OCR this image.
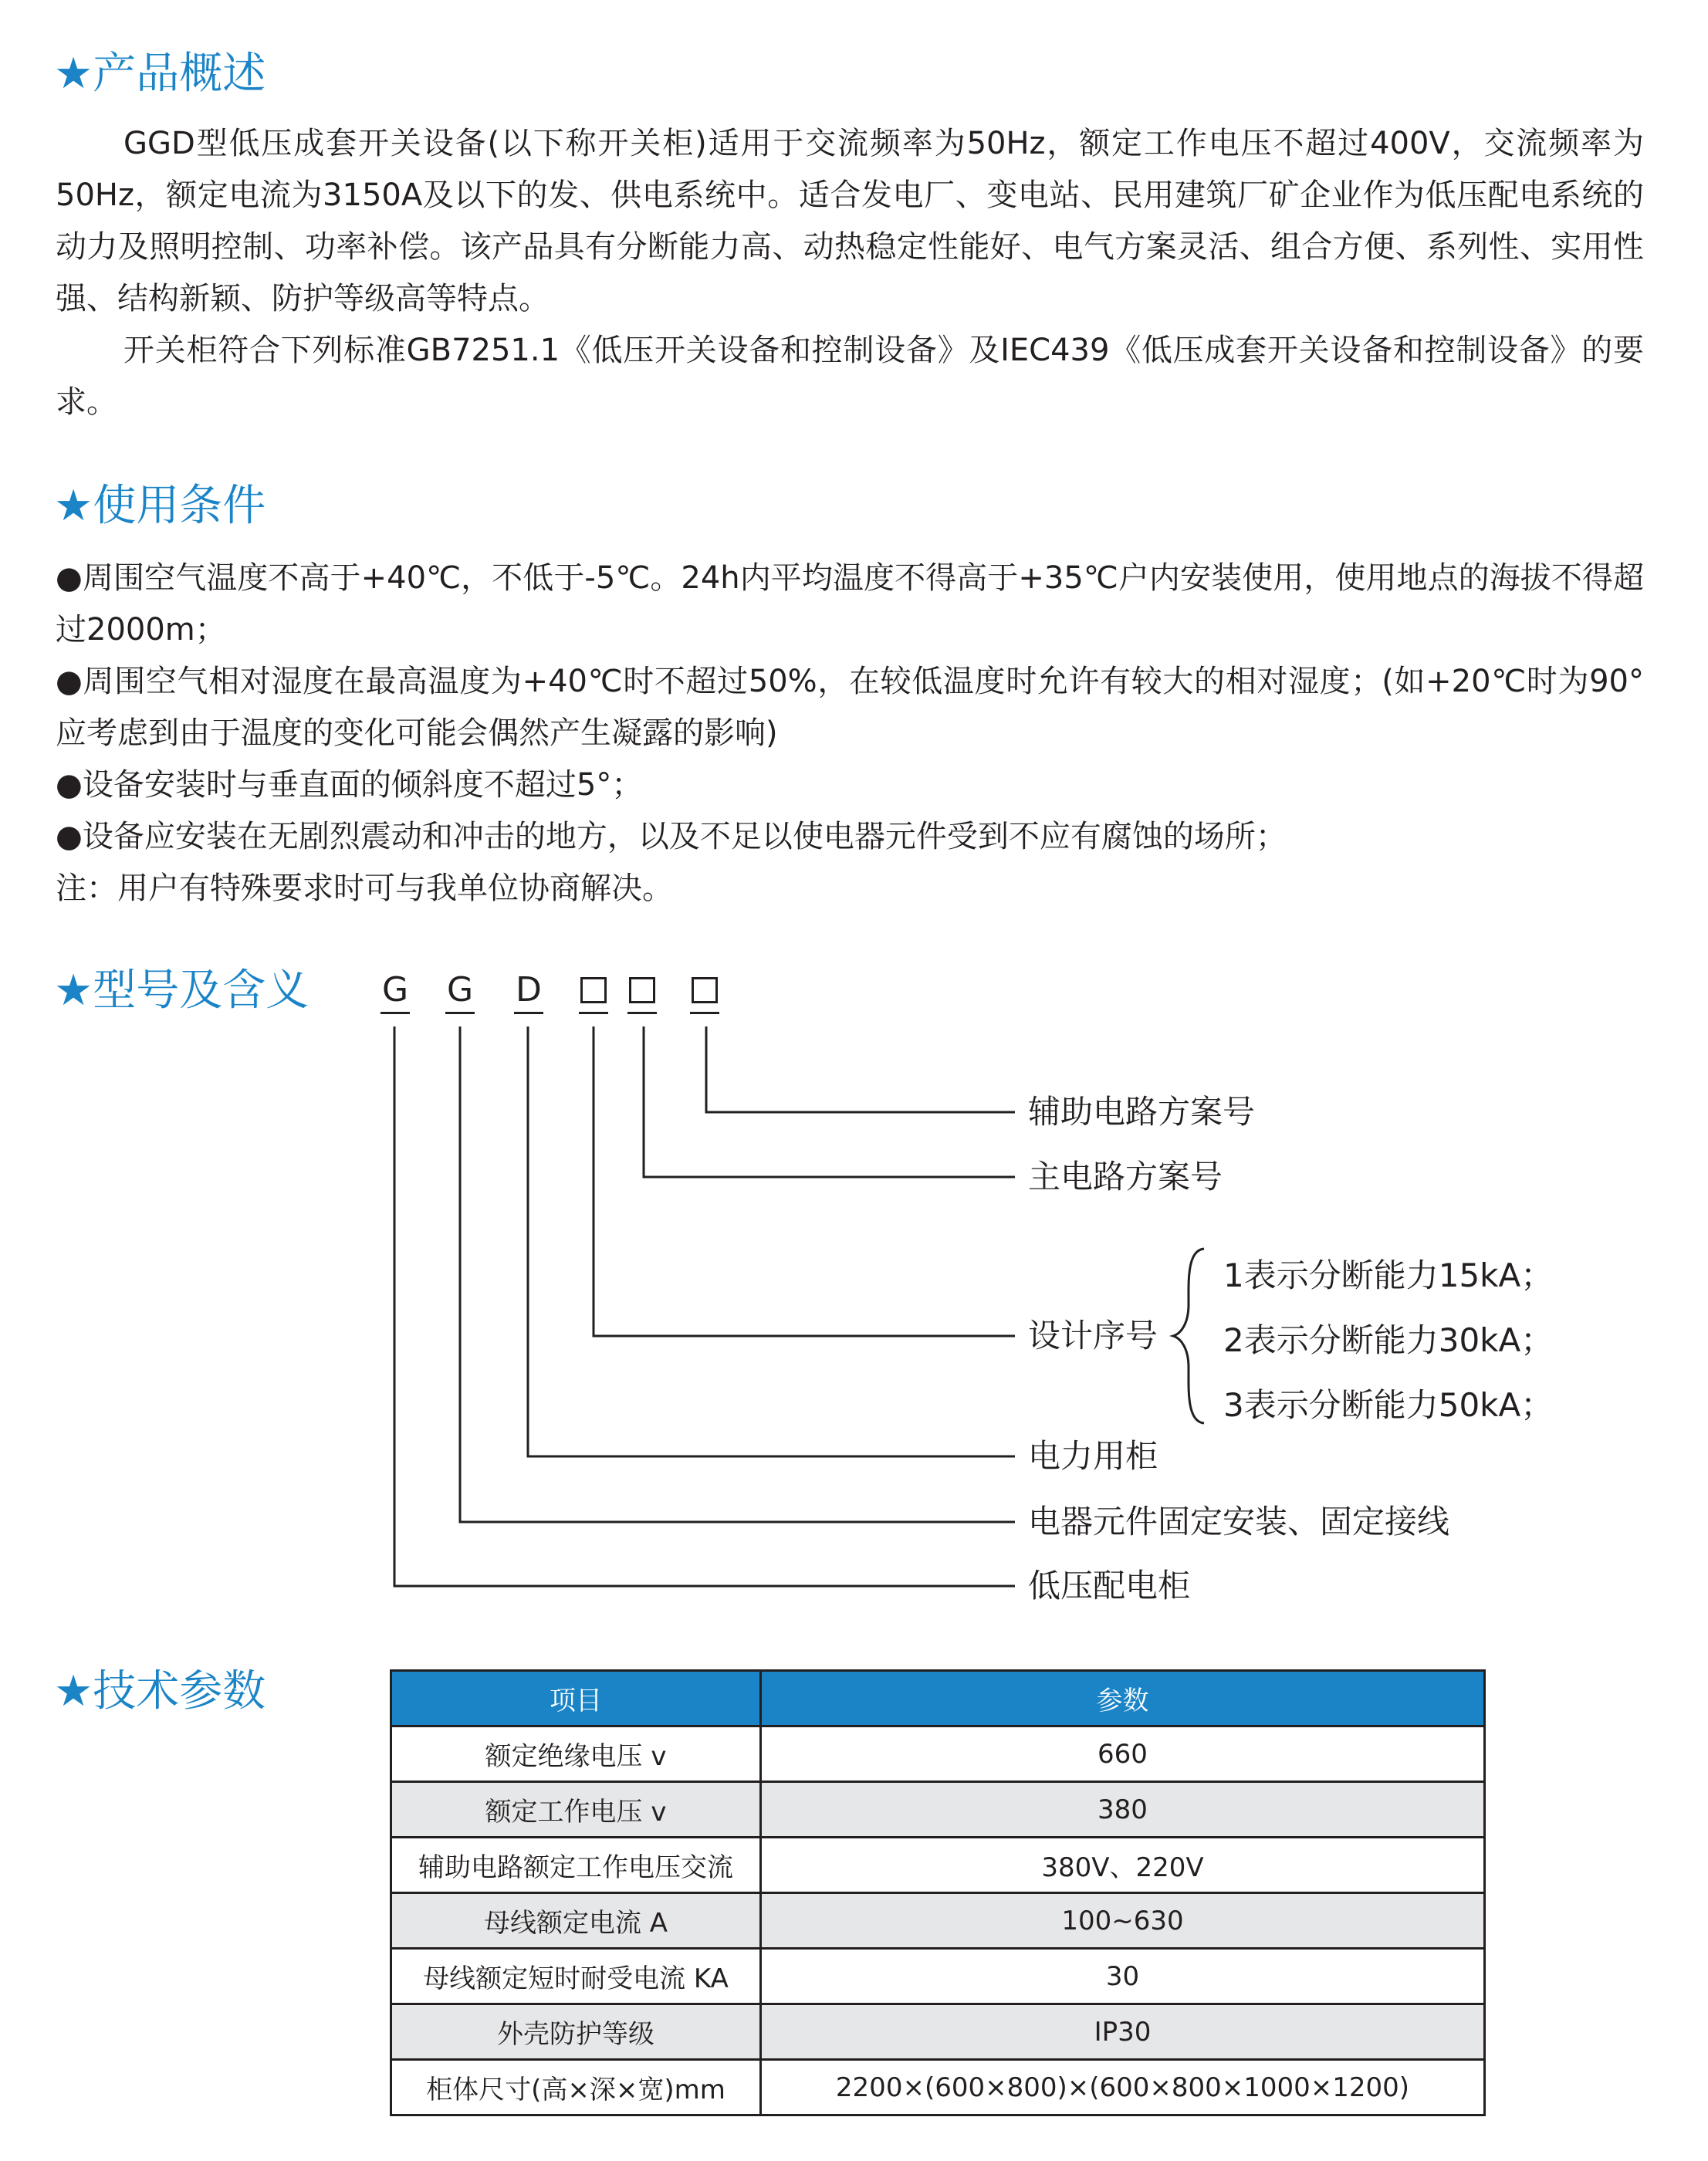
★产品概述

GGD型低压成套开关设备(以下称开关柜)适用于交流频率为50Hz，额定工作电压不超过400V，交流频率为50Hz，额定电流为3150A及以下的发、供电系统中。适合发电厂、变电站、民用建筑厂矿企业作为低压配电系统的动力及照明控制、功率补偿。该产品具有分断能力高、动热稳定性能好、电气方案灵活、组合方便、系列性、实用性强、结构新颖、防护等级高等特点。

开关柜符合下列标准GB7251.1《低压开关设备和控制设备》及IEC439《低压成套开关设备和控制设备》的要求。

★使用条件
●周围空气温度不高于+40℃，不低于-5℃。24h内平均温度不得高于+35℃户内安装使用，使用地点的海拔不得超过2000m；
●周围空气相对湿度在最高温度为+40℃时不超过50%，在较低温度时允许有较大的相对湿度；(如+20℃时为90°应考虑到由于温度的变化可能会偶然产生凝露的影响)
●设备安装时与垂直面的倾斜度不超过5°；
●设备应安装在无剧烈震动和冲击的地方，以及不足以使电器元件受到不应有腐蚀的场所；
注：用户有特殊要求时可与我单位协商解决。
★型号及含义 G G D
辅助电路方案号
主电路方案号
设计序号
电力用柜
电器元件固定安装、固定接线
低压配电柜
1表示分断能力15kA；
2表示分断能力30kA；
3表示分断能力50kA；
★技术参数	项目	参数
额定绝缘电压 v	660
额定工作电压 v	380
辅助电路额定工作电压交流	380V、220V
母线额定电流 A	100~630
母线额定短时耐受电流 KA	30
外壳防护等级	IP30
柜体尺寸(高×深×宽)mm	2200×(600×800)×(600×800×1000×1200)
